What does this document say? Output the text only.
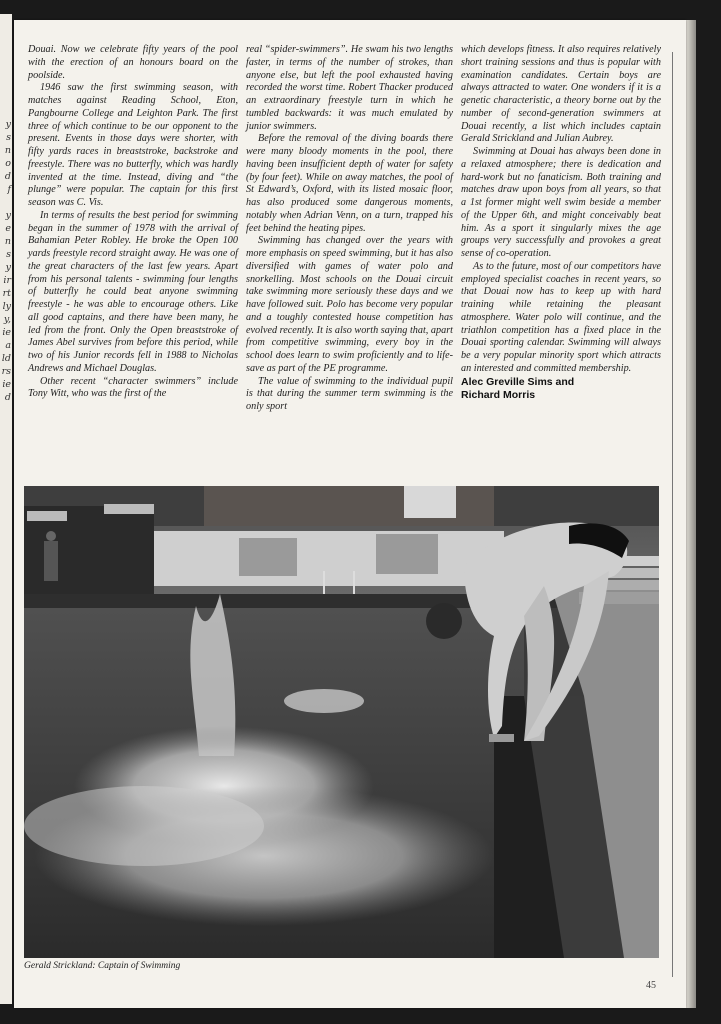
y
s
n
o
d
f
y
e
n
s
y
ir
rt
ly
y,
ie
a
ld
rs
ie
d

Douai. Now we celebrate fifty years of the pool with the erection of an honours board on the poolside.

1946 saw the first swimming season, with matches against Reading School, Eton, Pangbourne College and Leighton Park. The first three of which continue to be our opponent to the present. Events in those days were shorter, with fifty yards races in breaststroke, backstroke and freestyle. There was no butterfly, which was hardly invented at the time. Instead, diving and “the plunge” were popular. The captain for this first season was C. Vis.

In terms of results the best period for swimming began in the summer of 1978 with the arrival of Bahamian Peter Robley. He broke the Open 100 yards freestyle record straight away. He was one of the great characters of the last few years. Apart from his personal talents - swimming four lengths of butterfly he could beat anyone swimming freestyle - he was able to encourage others. Like all good captains, and there have been many, he led from the front. Only the Open breaststroke of James Abel survives from before this period, while two of his Junior records fell in 1988 to Nicholas Andrews and Michael Douglas.

Other recent “character swimmers” include Tony Witt, who was the first of the

real “spider-swimmers”. He swam his two lengths faster, in terms of the number of strokes, than anyone else, but left the pool exhausted having recorded the worst time. Robert Thacker produced an extraordinary freestyle turn in which he tumbled backwards: it was much emulated by junior swimmers.

Before the removal of the diving boards there were many bloody moments in the pool, there having been insufficient depth of water for safety (by four feet). While on away matches, the pool of St Edward’s, Oxford, with its listed mosaic floor, has also produced some dangerous moments, notably when Adrian Venn, on a turn, trapped his feet behind the heating pipes.

Swimming has changed over the years with more emphasis on speed swimming, but it has also diversified with games of water polo and snorkelling. Most schools on the Douai circuit take swimming more seriously these days and we have followed suit. Polo has become very popular and a toughly contested house competition has evolved recently. It is also worth saying that, apart from competitive swimming, every boy in the school does learn to swim proficiently and to life-save as part of the PE programme.

The value of swimming to the individual pupil is that during the summer term swimming is the only sport

which develops fitness. It also requires relatively short training sessions and thus is popular with examination candidates. Certain boys are always attracted to water. One wonders if it is a genetic characteristic, a theory borne out by the number of second-generation swimmers at Douai recently, a list which includes captain Gerald Strickland and Julian Aubrey.

Swimming at Douai has always been done in a relaxed atmosphere; there is dedication and hard-work but no fanaticism. Both training and matches draw upon boys from all years, so that a 1st former might well swim beside a member of the Upper 6th, and might conceivably beat him. As a sport it singularly mixes the age groups very successfully and provokes a great sense of co-operation.

As to the future, most of our competitors have employed specialist coaches in recent years, so that Douai now has to keep up with hard training while retaining the pleasant atmosphere. Water polo will continue, and the triathlon competition has a fixed place in the Douai sporting calendar. Swimming will always be a very popular minority sport which attracts an interested and committed membership.

Alec Greville Sims and
Richard Morris
Gerald Strickland: Captain of Swimming
45
